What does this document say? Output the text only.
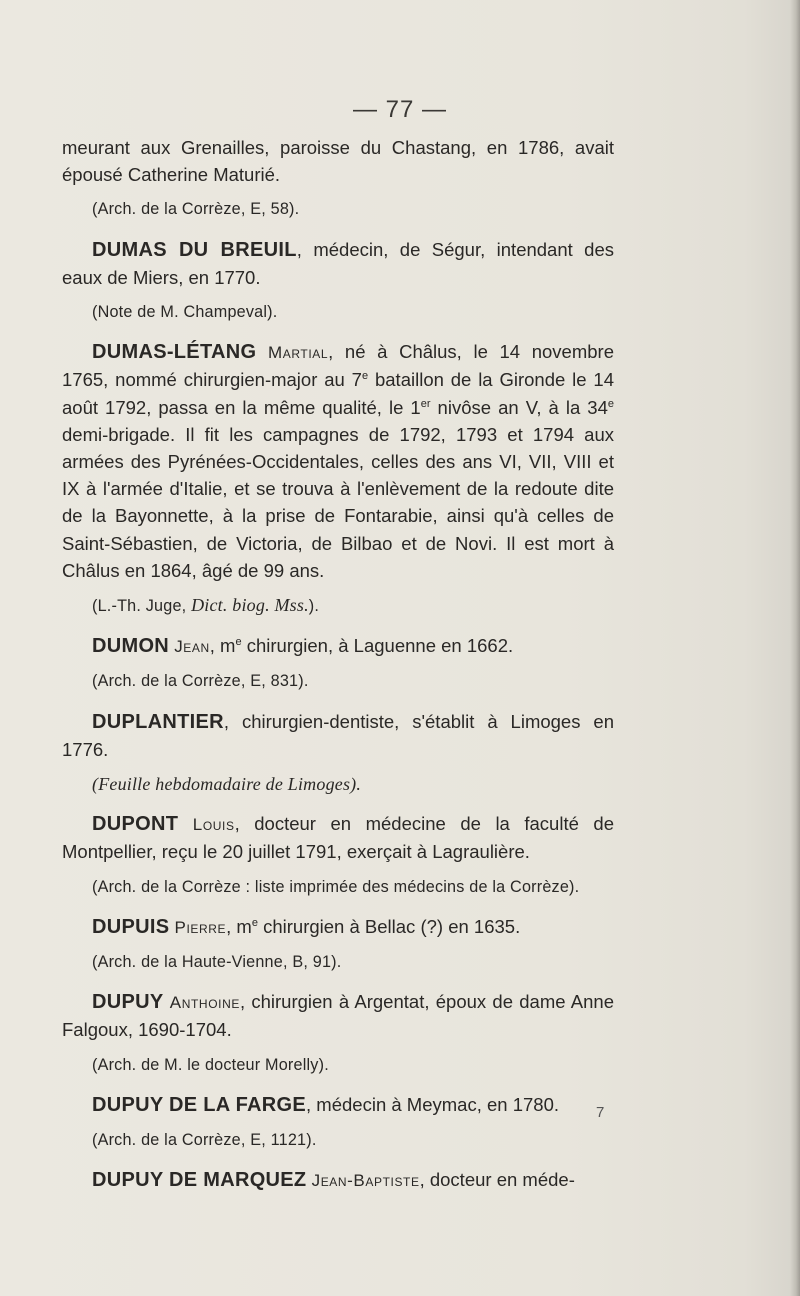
— 77 —

meurant aux Grenailles, paroisse du Chastang, en 1786, avait épousé Catherine Maturié.

(Arch. de la Corrèze, E, 58).

DUMAS DU BREUIL, médecin, de Ségur, intendant des eaux de Miers, en 1770.

(Note de M. Champeval).

DUMAS-LÉTANG Martial, né à Châlus, le 14 novembre 1765, nommé chirurgien-major au 7e bataillon de la Gironde le 14 août 1792, passa en la même qualité, le 1er nivôse an V, à la 34e demi-brigade. Il fit les campagnes de 1792, 1793 et 1794 aux armées des Pyrénées-Occidentales, celles des ans VI, VII, VIII et IX à l'armée d'Italie, et se trouva à l'enlèvement de la redoute dite de la Bayonnette, à la prise de Fontarabie, ainsi qu'à celles de Saint-Sébastien, de Victoria, de Bilbao et de Novi. Il est mort à Châlus en 1864, âgé de 99 ans.

(L.-Th. Juge, Dict. biog. Mss.).

DUMON Jean, $m^e$ chirurgien, à Laguenne en 1662.

(Arch. de la Corrèze, E, 831).

DUPLANTIER, chirurgien-dentiste, s'établit à Limoges en 1776.

(Feuille hebdomadaire de Limoges).

DUPONT Louis, docteur en médecine de la faculté de Montpellier, reçu le 20 juillet 1791, exerçait à Lagraulière.

(Arch. de la Corrèze : liste imprimée des médecins de la Corrèze).

DUPUIS Pierre, $m^e$ chirurgien à Bellac (?) en 1635.

(Arch. de la Haute-Vienne, B, 91).

DUPUY Anthoine, chirurgien à Argentat, époux de dame Anne Falgoux, 1690-1704.

(Arch. de M. le docteur Morelly).

DUPUY DE LA FARGE, médecin à Meymac, en 1780.

(Arch. de la Corrèze, E, 1121).

DUPUY DE MARQUEZ Jean-Baptiste, docteur en méde-

7
